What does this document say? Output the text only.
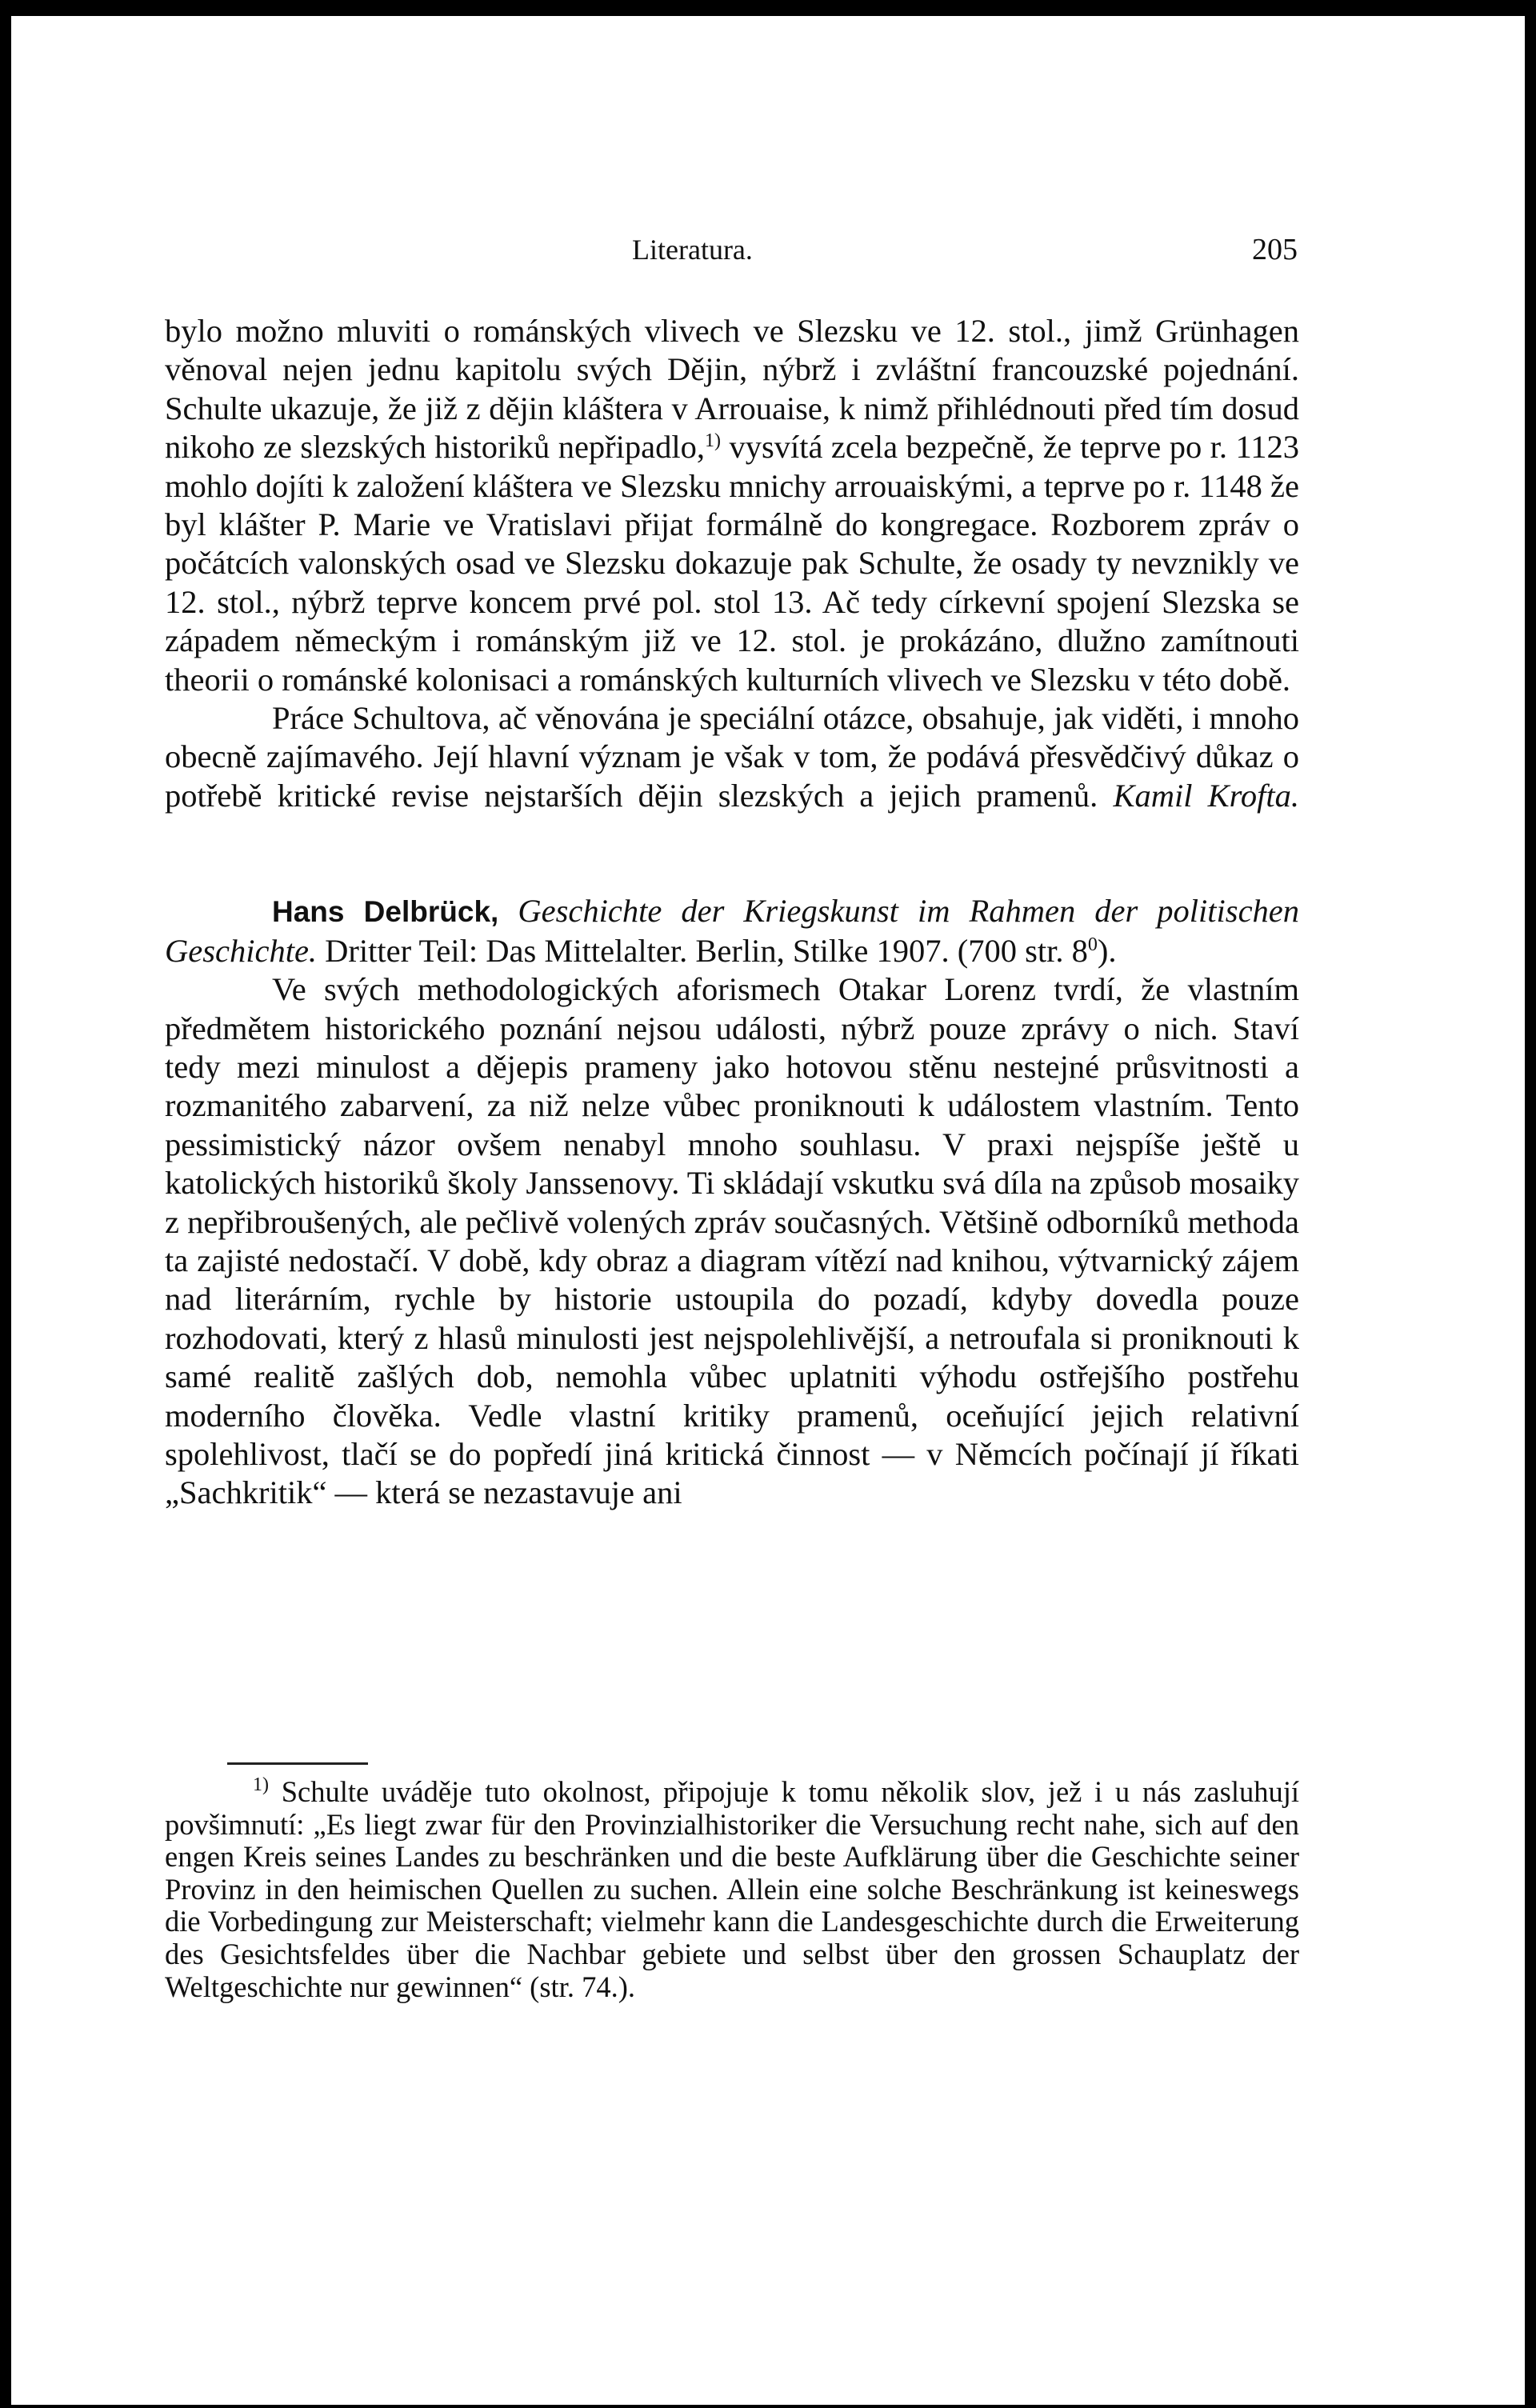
Literatura.	205

bylo možno mluviti o románských vlivech ve Slezsku ve 12. stol., jimž Grünhagen věnoval nejen jednu kapitolu svých Dějin, nýbrž i zvláštní francouzské pojednání. Schulte ukazuje, že již z dějin kláštera v Arrouaise, k nimž přihlédnouti před tím dosud nikoho ze slezských historiků nepřipadlo,$^{1)}$ vysvítá zcela bezpečně, že teprve po r. 1123 mohlo dojíti k založení kláštera ve Slezsku mnichy arrouaiskými, a teprve po r. 1148 že byl klášter P. Marie ve Vratislavi přijat formálně do kongregace. Rozborem zpráv o počátcích valonských osad ve Slezsku dokazuje pak Schulte, že osady ty nevznikly ve 12. stol., nýbrž teprve koncem prvé pol. stol 13. Ač tedy církevní spojení Slezska se západem německým i románským již ve 12. stol. je prokázáno, dlužno zamítnouti theorii o románské kolonisaci a románských kulturních vlivech ve Slezsku v této době.

Práce Schultova, ač věnována je speciální otázce, obsahuje, jak viděti, i mnoho obecně zajímavého. Její hlavní význam je však v tom, že podává přesvědčivý důkaz o potřebě kritické revise nejstarších dějin slezských a jejich pramenů. Kamil Krofta.

Hans Delbrück, Geschichte der Kriegskunst im Rahmen der politischen Geschichte. Dritter Teil: Das Mittelalter. Berlin, Stilke 1907. (700 str. $8^0$).

Ve svých methodologických aforismech Otakar Lorenz tvrdí, že vlastním předmětem historického poznání nejsou události, nýbrž pouze zprávy o nich. Staví tedy mezi minulost a dějepis prameny jako hotovou stěnu nestejné průsvitnosti a rozmanitého zabarvení, za niž nelze vůbec proniknouti k událostem vlastním. Tento pessimistický názor ovšem nenabyl mnoho souhlasu. V praxi nejspíše ještě u katolických historiků školy Janssenovy. Ti skládají vskutku svá díla na způsob mosaiky z nepřibroušených, ale pečlivě volených zpráv současných. Většině odborníků methoda ta zajisté nedostačí. V době, kdy obraz a diagram vítězí nad knihou, výtvarnický zájem nad literárním, rychle by historie ustoupila do pozadí, kdyby dovedla pouze rozhodovati, který z hlasů minulosti jest nejspolehlivější, a netroufala si proniknouti k samé realitě zašlých dob, nemohla vůbec uplatniti výhodu ostřejšího postřehu moderního člověka. Vedle vlastní kritiky pramenů, oceňující jejich relativní spolehlivost, tlačí se do popředí jiná kritická činnost — v Němcích počínají jí říkati „Sachkritik“ — která se nezastavuje ani

$^{1)}$ Schulte uváděje tuto okolnost, připojuje k tomu několik slov, jež i u nás zasluhují povšimnutí: „Es liegt zwar für den Provinzialhistoriker die Versuchung recht nahe, sich auf den engen Kreis seines Landes zu beschränken und die beste Aufklärung über die Geschichte seiner Provinz in den heimischen Quellen zu suchen. Allein eine solche Beschränkung ist keineswegs die Vorbedingung zur Meisterschaft; vielmehr kann die Landesgeschichte durch die Erweiterung des Gesichtsfeldes über die Nachbar gebiete und selbst über den grossen Schauplatz der Weltgeschichte nur gewinnen“ (str. 74.).
